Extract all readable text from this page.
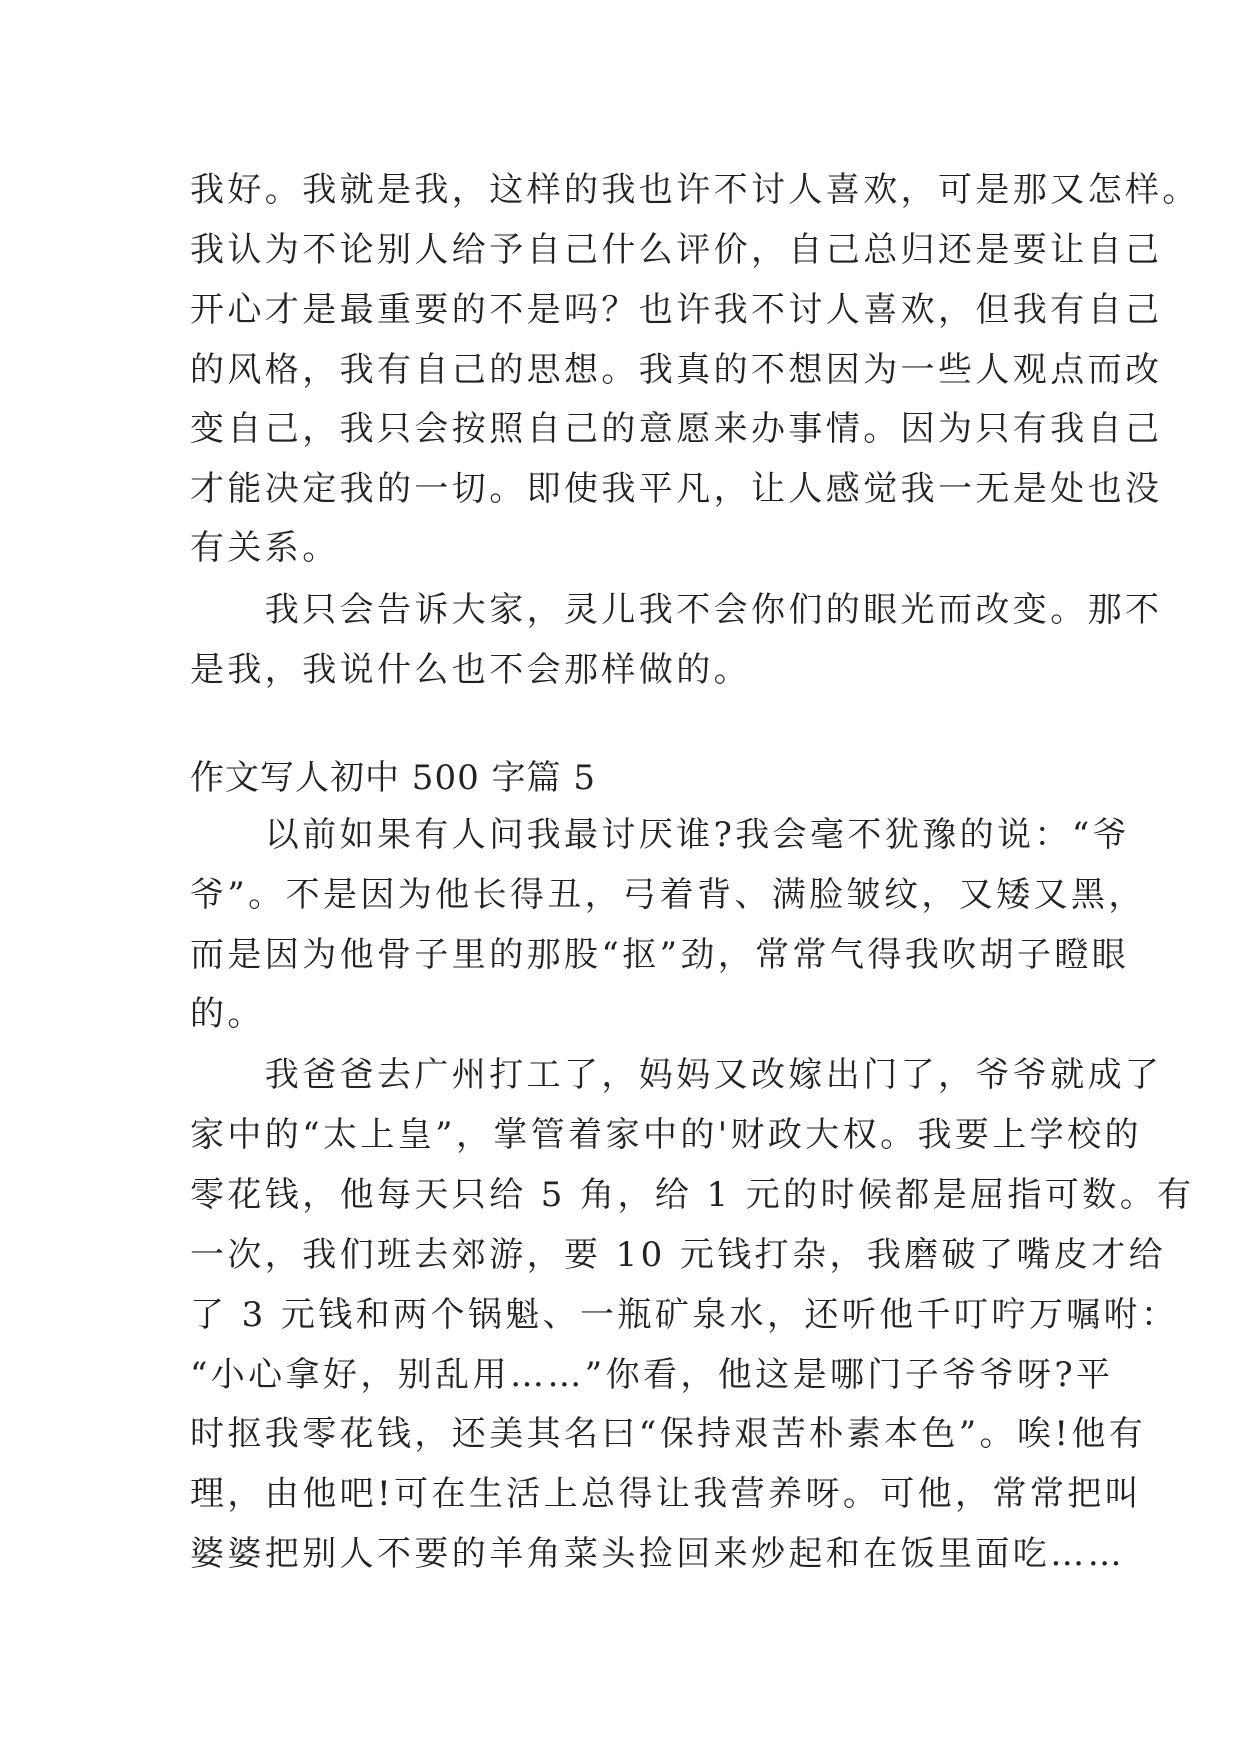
我好。我就是我，这样的我也许不讨人喜欢，可是那又怎样。
我认为不论别人给予自己什么评价，自己总归还是要让自己
开心才是最重要的不是吗？也许我不讨人喜欢，但我有自己
的风格，我有自己的思想。我真的不想因为一些人观点而改
变自己，我只会按照自己的意愿来办事情。因为只有我自己
才能决定我的一切。即使我平凡，让人感觉我一无是处也没
有关系。
　　我只会告诉大家，灵儿我不会你们的眼光而改变。那不
是我，我说什么也不会那样做的。
作文写人初中 500 字篇 5
　　以前如果有人问我最讨厌谁?我会毫不犹豫的说：“爷
爷”。不是因为他长得丑，弓着背、满脸皱纹，又矮又黑，
而是因为他骨子里的那股“抠”劲，常常气得我吹胡子瞪眼
的。
　　我爸爸去广州打工了，妈妈又改嫁出门了，爷爷就成了
家中的“太上皇”，掌管着家中的'财政大权。我要上学校的
零花钱，他每天只给 5 角，给 1 元的时候都是屈指可数。有
一次，我们班去郊游，要 10 元钱打杂，我磨破了嘴皮才给
了 3 元钱和两个锅魁、一瓶矿泉水，还听他千叮咛万嘱咐：
“小心拿好，别乱用……”你看，他这是哪门子爷爷呀?平
时抠我零花钱，还美其名曰“保持艰苦朴素本色”。唉!他有
理，由他吧!可在生活上总得让我营养呀。可他，常常把叫
婆婆把别人不要的羊角菜头捡回来炒起和在饭里面吃……
